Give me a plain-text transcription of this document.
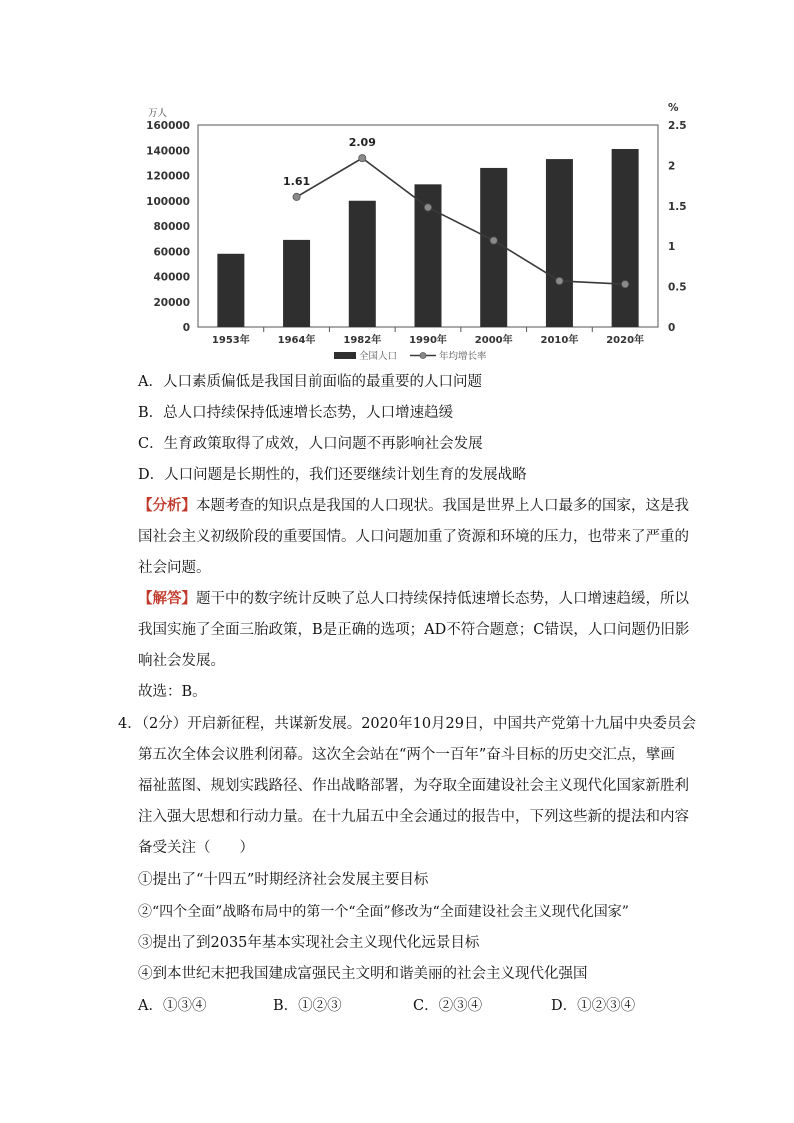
0
20000
40000
60000
80000
100000
120000
140000
160000
万人
0
0.5
1
1.5
2
2.5
%
1953年	1964年	1982年	1990年	2000年	2010年	2020年
1.61
2.09
全国人口	年均增长率
A．人口素质偏低是我国目前面临的最重要的人口问题
B．总人口持续保持低速增长态势，人口增速趋缓
C．生育政策取得了成效，人口问题不再影响社会发展
D．人口问题是长期性的，我们还要继续计划生育的发展战略
【分析】本题考查的知识点是我国的人口现状。我国是世界上人口最多的国家，这是我
国社会主义初级阶段的重要国情。人口问题加重了资源和环境的压力，也带来了严重的
社会问题。
【解答】题干中的数字统计反映了总人口持续保持低速增长态势，人口增速趋缓，所以
我国实施了全面三胎政策，B是正确的选项；AD不符合题意；C错误，人口问题仍旧影
响社会发展。
故选：B。
4．（2分）开启新征程，共谋新发展。2020年10月29日，中国共产党第十九届中央委员会
第五次全体会议胜利闭幕。这次全会站在“两个一百年”奋斗目标的历史交汇点，擘画
福祉蓝图、规划实践路径、作出战略部署，为夺取全面建设社会主义现代化国家新胜利
注入强大思想和行动力量。在十九届五中全会通过的报告中，下列这些新的提法和内容
备受关注（　　）
①提出了“十四五”时期经济社会发展主要目标
②“四个全面”战略布局中的第一个“全面”修改为“全面建设社会主义现代化国家”
③提出了到2035年基本实现社会主义现代化远景目标
④到本世纪末把我国建成富强民主文明和谐美丽的社会主义现代化强国
A．①③④	B．①②③	C．②③④	D．①②③④
